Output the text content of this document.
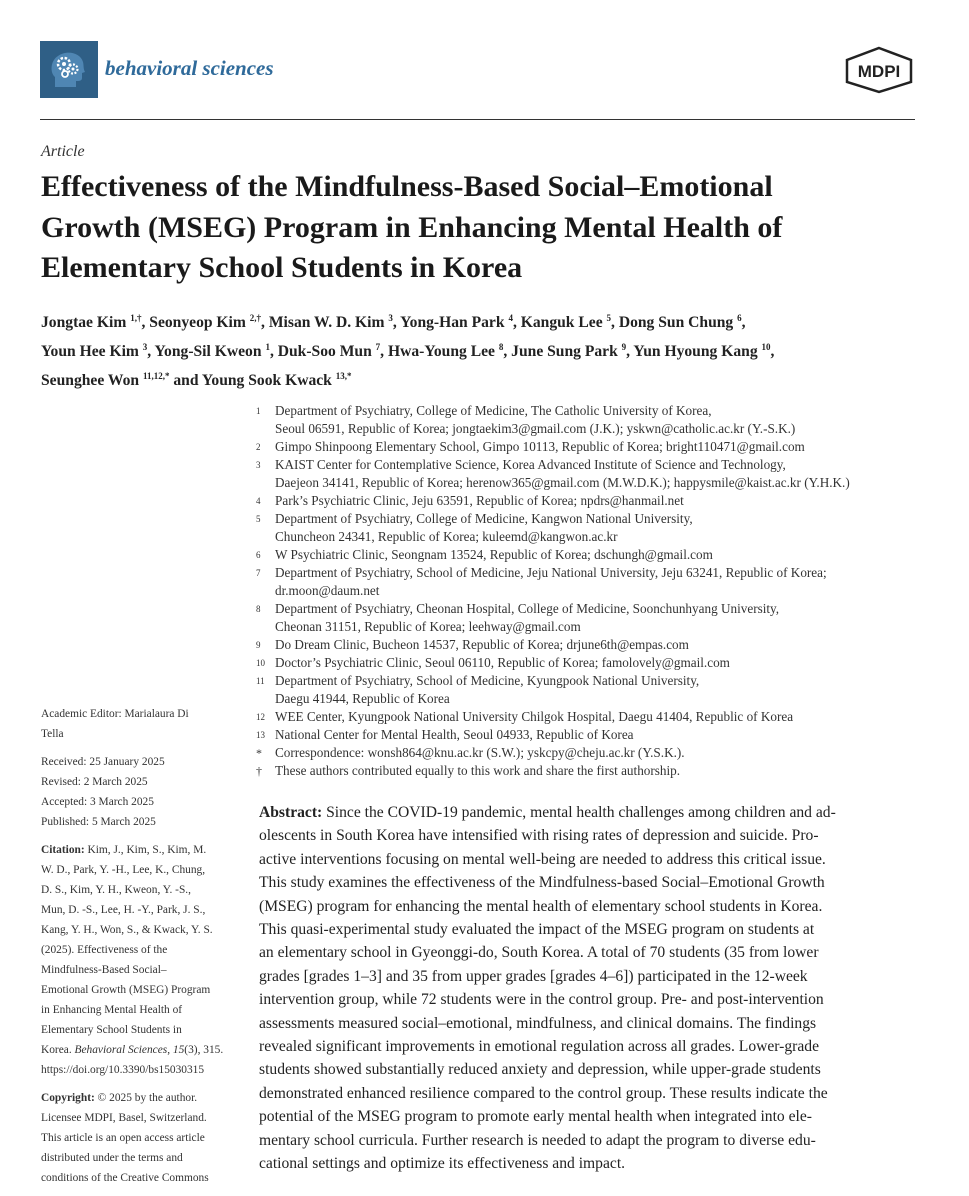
behavioral sciences	MDPI
Article
Effectiveness of the Mindfulness-Based Social–Emotional
Growth (MSEG) Program in Enhancing Mental Health of
Elementary School Students in Korea
Jongtae Kim $^{1,\dagger}$, Seonyeop Kim $^{2,\dagger}$, Misan W. D. Kim $^3$, Yong-Han Park $^4$, Kanguk Lee $^5$, Dong Sun Chung $^6$,
Youn Hee Kim $^3$, Yong-Sil Kweon $^1$, Duk-Soo Mun $^7$, Hwa-Young Lee $^8$, June Sung Park $^9$, Yun Hyoung Kang $^{10}$,
Seunghee Won $^{11,12,*}$ and Young Sook Kwack $^{13,*}$
1	Department of Psychiatry, College of Medicine, The Catholic University of Korea,
Seoul 06591, Republic of Korea; jongtaekim3@gmail.com (J.K.); yskwn@catholic.ac.kr (Y.-S.K.)
2	Gimpo Shinpoong Elementary School, Gimpo 10113, Republic of Korea; bright110471@gmail.com
3	KAIST Center for Contemplative Science, Korea Advanced Institute of Science and Technology,
Daejeon 34141, Republic of Korea; herenow365@gmail.com (M.W.D.K.); happysmile@kaist.ac.kr (Y.H.K.)
4	Park’s Psychiatric Clinic, Jeju 63591, Republic of Korea; npdrs@hanmail.net
5	Department of Psychiatry, College of Medicine, Kangwon National University,
Chuncheon 24341, Republic of Korea; kuleemd@kangwon.ac.kr
6	W Psychiatric Clinic, Seongnam 13524, Republic of Korea; dschungh@gmail.com
7	Department of Psychiatry, School of Medicine, Jeju National University, Jeju 63241, Republic of Korea;
dr.moon@daum.net
8	Department of Psychiatry, Cheonan Hospital, College of Medicine, Soonchunhyang University,
Cheonan 31151, Republic of Korea; leehway@gmail.com
9	Do Dream Clinic, Bucheon 14537, Republic of Korea; drjune6th@empas.com
10 Doctor’s Psychiatric Clinic, Seoul 06110, Republic of Korea; famolovely@gmail.com
11 Department of Psychiatry, School of Medicine, Kyungpook National University,
Daegu 41944, Republic of Korea
12 WEE Center, Kyungpook National University Chilgok Hospital, Daegu 41404, Republic of Korea
13 National Center for Mental Health, Seoul 04933, Republic of Korea
* Correspondence: wonsh864@knu.ac.kr (S.W.); yskcpy@cheju.ac.kr (Y.S.K.).
† These authors contributed equally to this work and share the first authorship.
Academic Editor: Marialaura Di
Tella
Received: 25 January 2025
Revised: 2 March 2025
Accepted: 3 March 2025
Published: 5 March 2025
Citation: Kim, J., Kim, S., Kim, M.
W. D., Park, Y. -H., Lee, K., Chung,
D. S., Kim, Y. H., Kweon, Y. -S.,
Mun, D. -S., Lee, H. -Y., Park, J. S.,
Kang, Y. H., Won, S., & Kwack, Y. S.
(2025). Effectiveness of the
Mindfulness-Based Social–
Emotional Growth (MSEG) Program
in Enhancing Mental Health of
Elementary School Students in
Korea. Behavioral Sciences, 15(3), 315.
https://doi.org/10.3390/bs15030315
Copyright: © 2025 by the author.
Licensee MDPI, Basel, Switzerland.
This article is an open access article
distributed under the terms and
conditions of the Creative Commons
Abstract: Since the COVID-19 pandemic, mental health challenges among children and ad-
olescents in South Korea have intensified with rising rates of depression and suicide. Pro-
active interventions focusing on mental well-being are needed to address this critical issue.
This study examines the effectiveness of the Mindfulness-based Social–Emotional Growth
(MSEG) program for enhancing the mental health of elementary school students in Korea.
This quasi-experimental study evaluated the impact of the MSEG program on students at
an elementary school in Gyeonggi-do, South Korea. A total of 70 students (35 from lower
grades [grades 1–3] and 35 from upper grades [grades 4–6]) participated in the 12-week
intervention group, while 72 students were in the control group. Pre- and post-intervention
assessments measured social–emotional, mindfulness, and clinical domains. The findings
revealed significant improvements in emotional regulation across all grades. Lower-grade
students showed substantially reduced anxiety and depression, while upper-grade students
demonstrated enhanced resilience compared to the control group. These results indicate the
potential of the MSEG program to promote early mental health when integrated into ele-
mentary school curricula. Further research is needed to adapt the program to diverse edu-
cational settings and optimize its effectiveness and impact.
